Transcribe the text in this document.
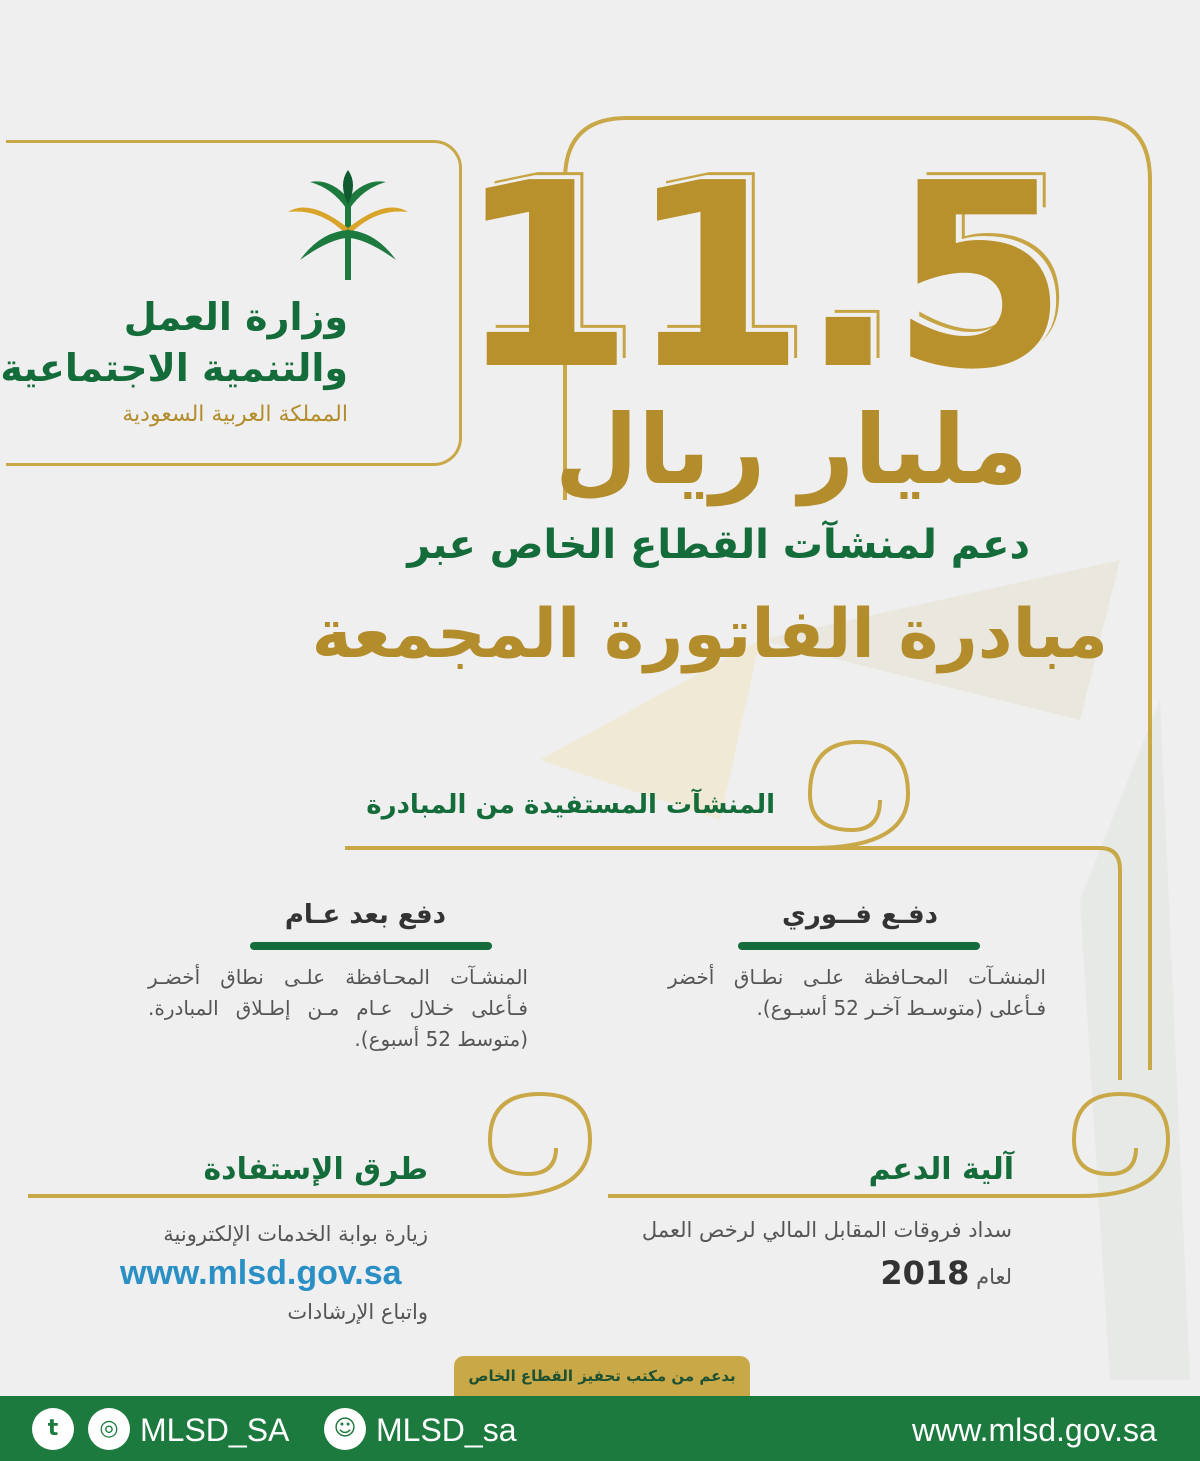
وزارة العمل
والتنمية الاجتماعية
المملكة العربية السعودية 11.5
مليار ريال
دعم لمنشآت القطاع الخاص عبر
مبادرة الفاتورة المجمعة
المنشآت المستفيدة من المبادرة
دفـع فــوري
المنشـآت المحـافظة علـى نطـاق أخضر فـأعلى (متوسـط آخـر 52 أسبـوع).
دفع بعد عـام
المنشـآت المحـافظة علـى نطاق أخضـر فـأعلى خـلال عـام مـن إطـلاق المبادرة. (متوسط 52 أسبوع).
آلية الدعم
سداد فروقات المقابل المالي لرخص العمل لعام 2018
طرق الإستفادة
زيارة بوابة الخدمات الإلكترونية
www.mlsd.gov.sa
واتباع الإرشادات
بدعم من مكتب تحفيز القطاع الخاص
t	◎ MLSD_SA	☺ MLSD_sa	www.mlsd.gov.sa
